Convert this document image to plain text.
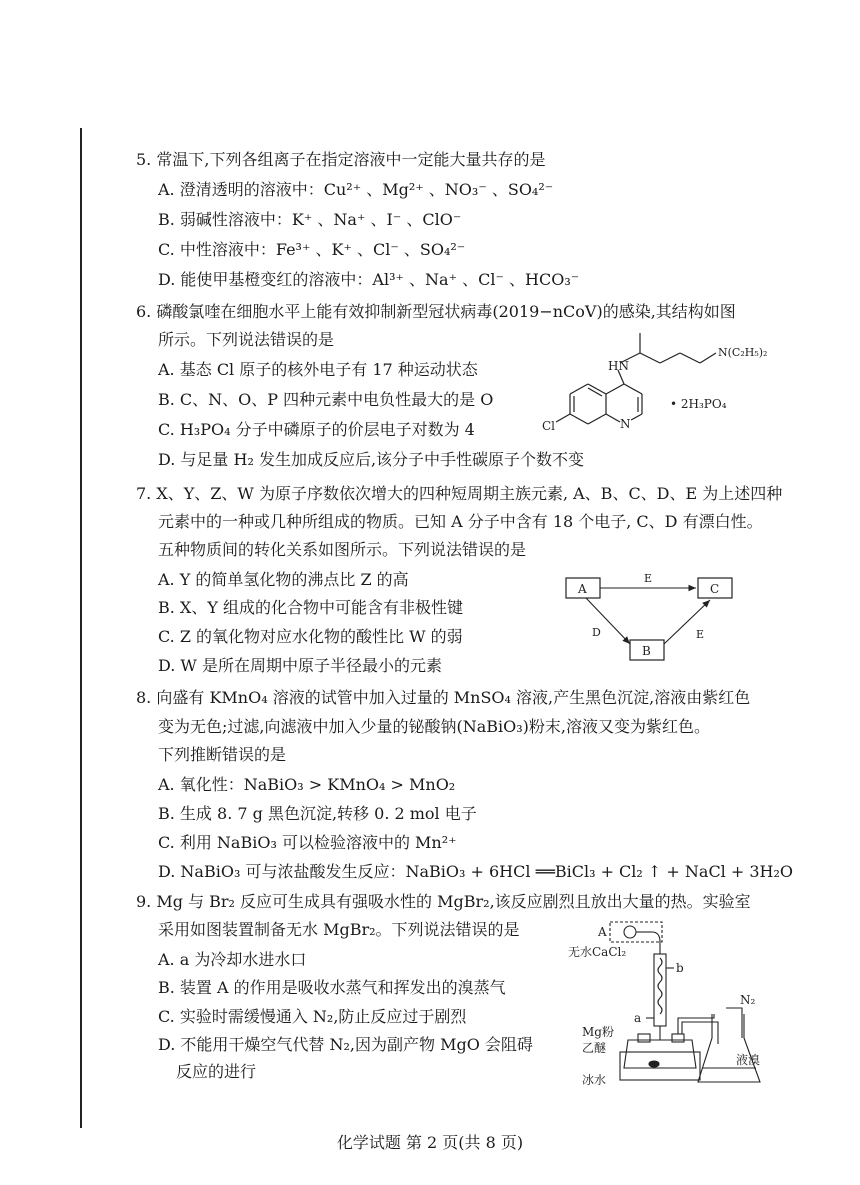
5. 常温下,下列各组离子在指定溶液中一定能大量共存的是
A. 澄清透明的溶液中：Cu²⁺ 、Mg²⁺ 、NO₃⁻ 、SO₄²⁻
B. 弱碱性溶液中：K⁺ 、Na⁺ 、I⁻ 、ClO⁻
C. 中性溶液中：Fe³⁺ 、K⁺ 、Cl⁻ 、SO₄²⁻
D. 能使甲基橙变红的溶液中：Al³⁺ 、Na⁺ 、Cl⁻ 、HCO₃⁻
6. 磷酸氯喹在细胞水平上能有效抑制新型冠状病毒(2019−nCoV)的感染,其结构如图
所示。下列说法错误的是
A. 基态 Cl 原子的核外电子有 17 种运动状态
B. C、N、O、P 四种元素中电负性最大的是 O
C. H₃PO₄ 分子中磷原子的价层电子对数为 4
D. 与足量 H₂ 发生加成反应后,该分子中手性碳原子个数不变
HN
N(C₂H₅)₂
Cl	N
• 2H₃PO₄
7. X、Y、Z、W 为原子序数依次增大的四种短周期主族元素, A、B、C、D、E 为上述四种
元素中的一种或几种所组成的物质。已知 A 分子中含有 18 个电子, C、D 有漂白性。
五种物质间的转化关系如图所示。下列说法错误的是
A. Y 的简单氢化物的沸点比 Z 的高
B. X、Y 组成的化合物中可能含有非极性键
C. Z 的氧化物对应水化物的酸性比 W 的弱
D. W 是所在周期中原子半径最小的元素
A	C
B
E
D	E
8. 向盛有 KMnO₄ 溶液的试管中加入过量的 MnSO₄ 溶液,产生黑色沉淀,溶液由紫红色
变为无色;过滤,向滤液中加入少量的铋酸钠(NaBiO₃)粉末,溶液又变为紫红色。
下列推断错误的是
A. 氧化性：NaBiO₃ > KMnO₄ > MnO₂
B. 生成 8. 7 g 黑色沉淀,转移 0. 2 mol 电子
C. 利用 NaBiO₃ 可以检验溶液中的 Mn²⁺
D. NaBiO₃ 可与浓盐酸发生反应：NaBiO₃ + 6HCl ══BiCl₃ + Cl₂ ↑ + NaCl + 3H₂O
9. Mg 与 Br₂ 反应可生成具有强吸水性的 MgBr₂,该反应剧烈且放出大量的热。实验室
采用如图装置制备无水 MgBr₂。下列说法错误的是
A. a 为冷却水进水口
B. 装置 A 的作用是吸收水蒸气和挥发出的溴蒸气
C. 实验时需缓慢通入 N₂,防止反应过于剧烈
D. 不能用干燥空气代替 N₂,因为副产物 MgO 会阻碍
反应的进行
A
无水CaCl₂
b
a
N₂
Mg粉
乙醚
液溴
冰水
化学试题 第 2 页(共 8 页)
